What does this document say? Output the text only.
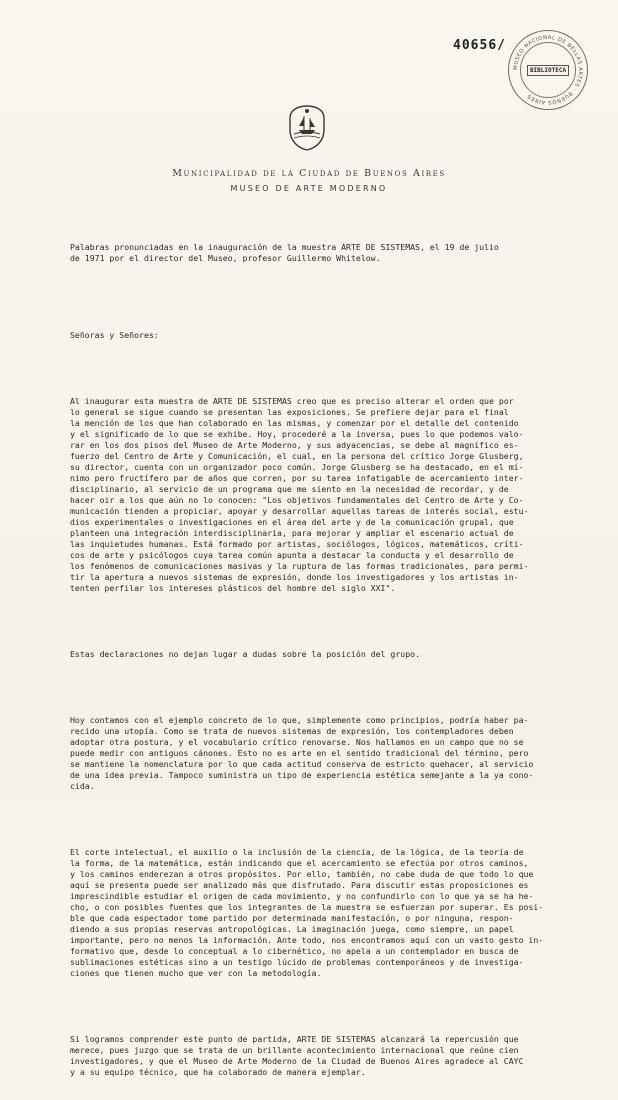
40656/
MUSEO NACIONAL DE BELLAS ARTES · BUENOS AIRES
BIBLIOTECA
Municipalidad de la Ciudad de Buenos Aires
MUSEO DE ARTE MODERNO

Palabras pronunciadas en la inauguración de la muestra ARTE DE SISTEMAS, el 19 de julio
de 1971 por el director del Museo, profesor Guillermo Whitelow.

Señoras y Señores:

Al inaugurar esta muestra de ARTE DE SISTEMAS creo que es preciso alterar el orden que por
lo general se sigue cuando se presentan las exposiciones. Se prefiere dejar para el final
la mención de los que han colaborado en las mismas, y comenzar por el detalle del contenido
y el significado de lo que se exhibe. Hoy, procederé a la inversa, pues lo que podemos valo-
rar en los dos pisos del Museo de Arte Moderno, y sus adyacencias, se debe al magnífico es-
fuerzo del Centro de Arte y Comunicación, el cual, en la persona del crítico Jorge Glusberg,
su director, cuenta con un organizador poco común. Jorge Glusberg se ha destacado, en el mí-
nimo pero fructífero par de años que corren, por su tarea infatigable de acercamiento inter-
disciplinario, al servicio de un programa que me siento en la necesidad de recordar, y de
hacer oir a los que aún no lo conocen: "Los objetivos fundamentales del Centro de Arte y Co-
municación tienden a propiciar, apoyar y desarrollar aquellas tareas de interés social, estu-
dios experimentales o investigaciones en el área del arte y de la comunicación grupal, que
planteen una integración interdisciplinaria, para mejorar y ampliar el escenario actual de
las inquietudes humanas. Está formado por artistas, sociólogos, lógicos, matemáticos, críti-
cos de arte y psicólogos cuya tarea común apunta a destacar la conducta y el desarrollo de
los fenómenos de comunicaciones masivas y la ruptura de las formas tradicionales, para permi-
tir la apertura a nuevos sistemas de expresión, donde los investigadores y los artistas in-
tenten perfilar los intereses plásticos del hombre del siglo XXI".

Estas declaraciones no dejan lugar a dudas sobre la posición del grupo.

Hoy contamos con el ejemplo concreto de lo que, simplemente como principios, podría haber pa-
recido una utopía. Como se trata de nuevos sistemas de expresión, los contempladores deben
adoptar otra postura, y el vocabulario crítico renovarse. Nos hallamos en un campo que no se
puede medir con antiguos cánones. Esto no es arte en el sentido tradicional del término, pero
se mantiene la nomenclatura por lo que cada actitud conserva de estricto quehacer, al servicio
de una idea previa. Tampoco suministra un tipo de experiencia estética semejante a la ya cono-
cida.

El corte intelectual, el auxilio o la inclusión de la ciencia, de la lógica, de la teoría de
la forma, de la matemática, están indicando que el acercamiento se efectúa por otros caminos,
y los caminos enderezan a otros propósitos. Por ello, también, no cabe duda de que todo lo que
aquí se presenta puede ser analizado más que disfrutado. Para discutir estas proposiciones es
imprescindible estudiar el origen de cada movimiento, y no confundirlo con lo que ya se ha he-
cho, o con posibles fuentes que los integrantes de la muestra se esfuerzan por superar. Es posi-
ble que cada espectador tome partido por determinada manifestación, o por ninguna, respon-
diendo a sus propias reservas antropológicas. La imaginación juega, como siempre, un papel
importante, pero no menos la información. Ante todo, nos encontramos aquí con un vasto gesto in-
formativo que, desde lo conceptual a lo cibernético, no apela a un contemplador en busca de
sublimaciones estéticas sino a un testigo lúcido de problemas contemporáneos y de investiga-
ciones que tienen mucho que ver con la metodología.

Si logramos comprender este punto de partida, ARTE DE SISTEMAS alcanzará la repercusión que
merece, pues juzgo que se trata de un brillante acontecimiento internacional que reúne cien
investigadores, y que el Museo de Arte Moderno de la Ciudad de Buenos Aires agradece al CAYC
y a su equipo técnico, que ha colaborado de manera ejemplar.
